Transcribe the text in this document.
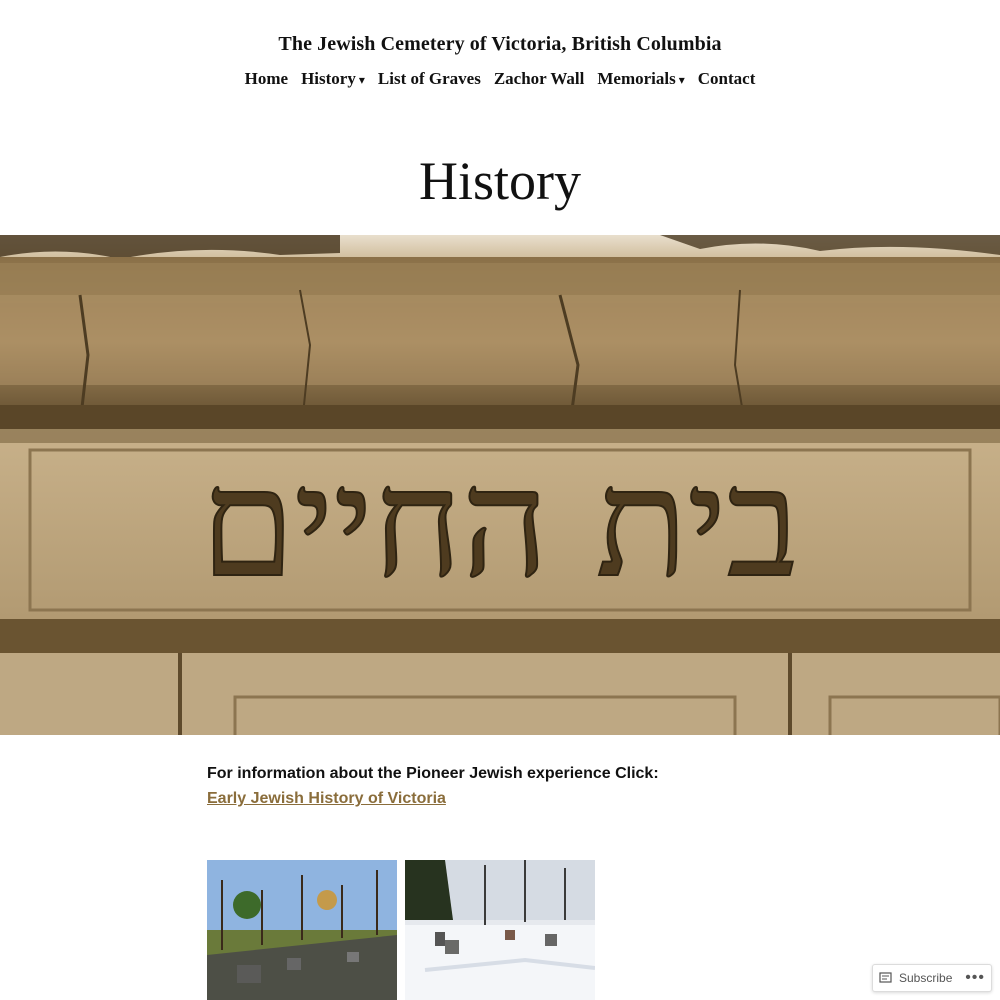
The Jewish Cemetery of Victoria, British Columbia
Home History ▾ List of Graves Zachor Wall Memorials ▾ Contact
History
בית החיים
For information about the Pioneer Jewish experience Click:
Early Jewish History of Victoria
Subscribe •••
